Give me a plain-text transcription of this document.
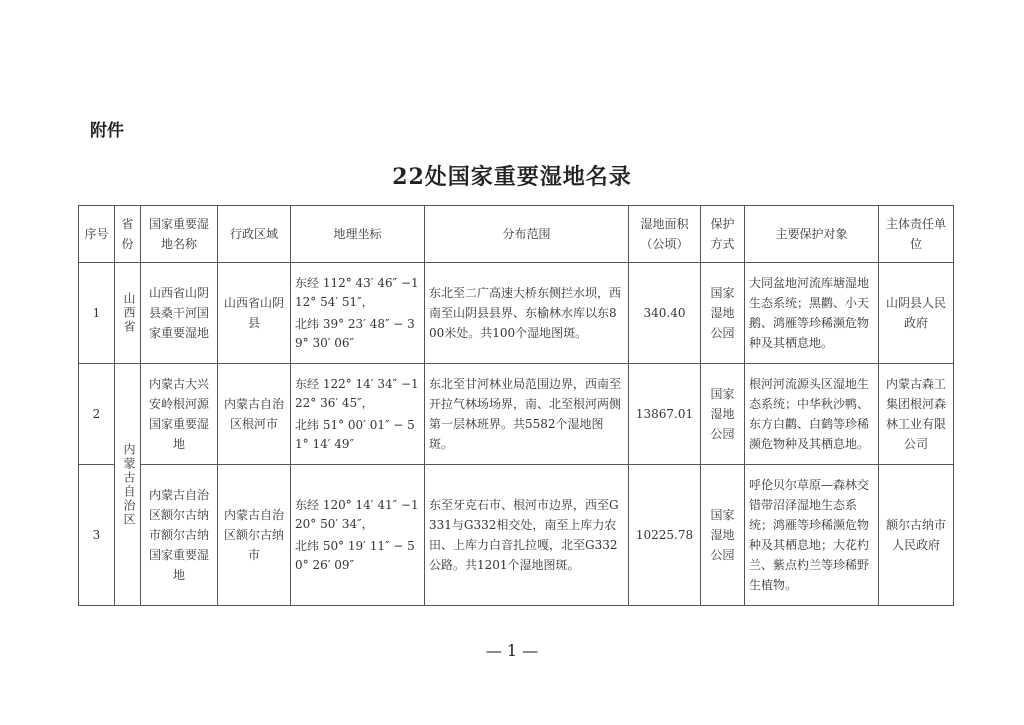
附件
22处国家重要湿地名录
序号	省份	国家重要湿地名称	行政区域	地理坐标	分布范围	湿地面积（公顷）	保护方式	主要保护对象	主体责任单位
1	山西省	山西省山阴县桑干河国家重要湿地	山西省山阴县	东经 112° 43′ 46″ −112° 54′ 51″，
北纬 39° 23′ 48″ − 39° 30′ 06″	东北至二广高速大桥东侧拦水坝，西南至山阴县县界、东榆林水库以东800米处。共100个湿地图斑。	340.40	国家湿地公园	大同盆地河流库塘湿地生态系统；黑鹳、小天鹅、鸿雁等珍稀濒危物种及其栖息地。	山阴县人民政府
2	内蒙古自治区	内蒙古大兴安岭根河源国家重要湿地	内蒙古自治区根河市	东经 122° 14′ 34″ −122° 36′ 45″，
北纬 51° 00′ 01″ − 51° 14′ 49″	东北至甘河林业局范围边界，西南至开拉气林场场界，南、北至根河两侧第一层林班界。共5582个湿地图斑。	13867.01	国家湿地公园	根河河流源头区湿地生态系统；中华秋沙鸭、东方白鹳、白鹤等珍稀濒危物种及其栖息地。	内蒙古森工集团根河森林工业有限公司
3		内蒙古自治区额尔古纳市额尔古纳国家重要湿地	内蒙古自治区额尔古纳市	东经 120° 14′ 41″ −120° 50′ 34″，
北纬 50° 19′ 11″ − 50° 26′ 09″	东至牙克石市、根河市边界，西至G331与G332相交处，南至上库力农田、上库力白音扎拉嘎，北至G332公路。共1201个湿地图斑。	10225.78	国家湿地公园	呼伦贝尔草原—森林交错带沼泽湿地生态系统；鸿雁等珍稀濒危物种及其栖息地；大花杓兰、紫点杓兰等珍稀野生植物。	额尔古纳市人民政府
— 1 —
